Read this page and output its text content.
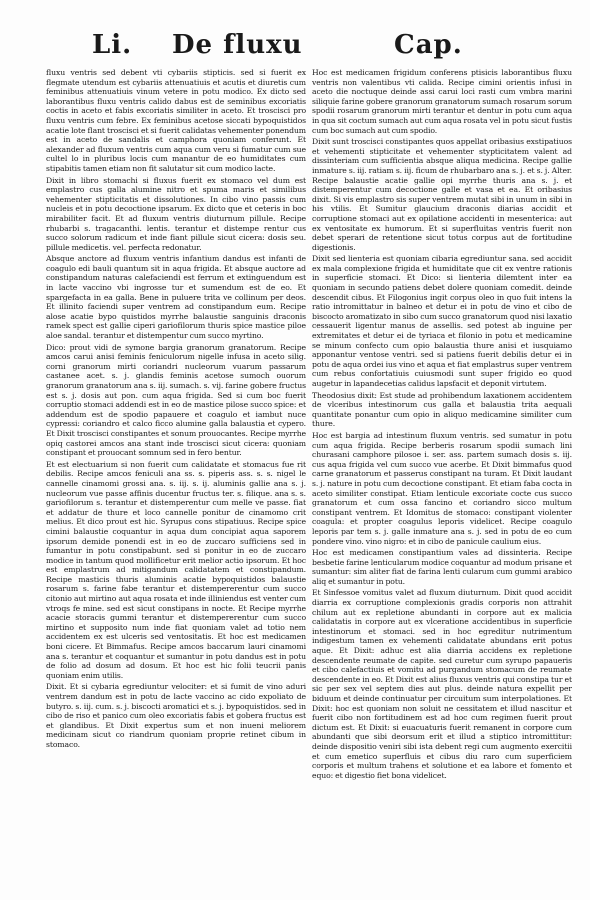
Li. De fluxu	Cap.
fluxu ventris sed debent vti cybariis stipticis. sed si fuerit ex flegmate utendum est cybariis attenuatiuis et acutis et diuretis cum feminibus attenuatiuis vinum vetere in potu modico. Ex dicto sed laborantibus fluxu ventris calido dabus est de seminibus excoriatis coctis in aceto et fabis excoriatis similiter in aceto. Et troscisci pro fluxu ventris cum febre. Ex feminibus acetose siccati bypoquistidos acatie lote flant troscisci et si fuerit calidatas vehementer ponendum est in aceto de sandalis et camphora quoniam conferunt. Et alexander ad fluxum ventris cum aqua cum veru si fumatur cum sue cultel lo in pluribus locis cum manantur de eo humiditates cum stipabitis tamen etiam non fit salutatur sit cum modico lacte.
Dixit in libro stomachi si fluxus fuerit ex stomaco vel dum est emplastro cus galla alumine nitro et spuma maris et similibus vehementer stipticitatis et dissolutiones. In cibo vino passis cum nucleis et in potu decoctione ipsarum. Ex dicto que et ceteris in boc mirabiliter facit. Et ad fluxum ventris diuturnum pillule. Recipe rhubarbi s. tragacanthi. lentis. terantur et distempe rentur cus succo solorum radicum et inde fiant pillule sicut cicera: dosis seu. pillule medicetis. vel. perfecta redonatur.
Absque anctore ad fluxum ventris infantium dandus est infanti de coagulo edi bauli quantum sit in aqua frigida. Et absque auctore ad constipandum naturas calefaciendi est ferrum et extinguendum est in lacte vaccino vbi ingrosse tur et sumendum est de eo. Et spargefacta in ea galla. Bene in puluere trita ve collinum per deos. Et illinito faciendi super ventrem ad constipandum eum. Recipe alose acatie bypo quistidos myrrhe balaustie sanguinis draconis ramek spect est gallie ciperi gariofilorum thuris spice mastice piloe aloe sandal. terantur et distempentur cum succo myrtino.
Dico: prout vidi de symone bargia granorum granatorum. Recipe amcos carui anisi feminis feniculorum nigelle infusa in aceto silig. corni granorum mirti coriandri nucleorum vuarum passarum castanee acet. s. j. glandis feminis acetose sumoch ouorum granorum granatorum ana s. iij. sumach. s. vij. farine gobere fructus est s. j. dosis aut pon. cum aqua frigida. Sed si cum boc fuerit corruptio stomaci addendi est in eo de mastice pilose succo spice: et addendum est de spodio papauere et coagulo et iambut nuce cypressi: coriandro et calco ficco alumine galla balaustia et cypero. Et Dixit troscisci constipantes et sonum prouocantes. Recipe myrrhe opiq castorei amcos ana stant inde troscisci sicut cicera: quoniam constipant et prouocant somnum sed in fero bentur.
Et est electuarium si non fuerit cum calidatate et stomacus fue rit debilis. Recipe amcos feniculi ana ss. s. piperis ass. s. s. nigel le cannelle cinamomi grossi ana. s. iij. s. ij. aluminis gallie ana s. j. nucleorum vue passe affinis ducentur fructus ter. s. filique. ana s. s. gariofilorum s. terantur et distemperentur cum melle ve passe. fiat et addatur de thure et loco cannelle ponitur de cinamomo crit melius. Et dico prout est hic. Syrupus cons stipatiuus. Recipe spice cimini balaustie coquantur in aqua dum concipiat aqua saporem ipsorum demide ponendi est in eo de zuccaro sufficiens sed in fumantur in potu constipabunt. sed si ponitur in eo de zuccaro modice in tantum quod mollificetur erit melior actio ipsorum. Et hoc est emplastrum ad mitigandum calidatatem et constipandum. Recipe masticis thuris aluminis acatie bypoquistidos balaustie rosarum s. farine fabe terantur et distempererentur cum succo citonio aut mirtino aut aqua rosata et inde illiniendus est venter cum vtroqs fe mine. sed est sicut constipans in nocte. Et Recipe myrrhe acacie storacis gummi terantur et distempererentur cum succo mirtino et supposito num inde fiat quoniam valet ad totio nem accidentem ex est ulceris sed ventositatis. Et hoc est medicamen boni cicere. Et Bimmafus. Recipe amcos baccarum lauri cinamomi ana s. terantur et coquantur et sumantur in potu dandus est in potu de folio ad dosum ad dosum. Et hoc est hic folii teucrii panis quoniam enim utilis.
Dixit. Et si cybaria egrediuntur velociter: et si fumit de vino aduri ventrem dandum est in potu de lacte vaccino ac cido expoliato de butyro. s. iij. cum. s. j. biscocti aromatici et s. j. bypoquistidos. sed in cibo de riso et panico cum oleo excoriatis fabis et gobera fructus est et glandibus. Et Dixit expertus sum et non inueni meliorem medicinam sicut co riandrum quoniam proprie retinet cibum in stomaco.
Hoc est medicamen frigidum conferens ptisicis laborantibus fluxu ventris non valentibus vti calida. Recipe cimini orientis infusi in aceto die noctuque deinde assi carui loci rasti cum vmbra marini siliquie farine gobere granorum granatorum sumach rosarum sorum spodii rosarum granorum mirti terantur et dentur in potu cum aqua in qua sit coctum sumach aut cum aqua rosata vel in potu sicut fustis cum boc sumach aut cum spodio.
Dixit sunt troscisci constipantes quos appellat oribasius exstipatiuos et vehementi stipticitate et vehementer stypticitatem valent ad dissinteriam cum sufficientia absque aliqua medicina. Recipe gallie inmature s. iij. ratiam s. iij. ficum de rhubarbaro ana s. j. et s. j. Alter. Recipe balaustie acatie gallie opi myrrhe thuris ana s. j. et distemperentur cum decoctione galle et vasa et ea. Et oribasius dixit. Si vis emplastro sis super ventrem mutat sibi in unum in sibi in his vtilis. Et Sumitur glaucium draconis diarias accidit et corruptione stomaci aut ex opilatione accidenti in mesenterica: aut ex ventositate ex humorum. Et si superfluitas ventris fuerit non debet sperari de retentione sicut totus corpus aut de fortitudine digestionis.
Dixit sed lienteria est quoniam cibaria egrediuntur sana. sed accidit ex mala complexione frigida et humiditate que cit ex ventre rationis in superficie stomaci. Et Dico: si lienteria dilemtent inter ea quoniam in secundo patiens debet dolere quoniam comedit. deinde descendit cibus. Et Filogonius ingit corpus oleo in quo fuit intens la ratio intromittatur in balneo et detur ei in potu de vino et cibo de biscocto aromatizato in sibo cum succo granatorum quod nisi laxatio cessauerit ligentur manus de assellis. sed potest ab inguine per extremitates et detur ei de tyriaca et filonio in potu et medicamine se minum confecto cum opio balaustia thure anisi et iusquiamo apponantur ventose ventri. sed si patiens fuerit debilis detur ei in potu de aqua ordei ius vino et aqua et fiat emplastrus super ventrem cum rebus confortatiuis cuiusmodi sunt super frigido eo quod augetur in lapandecetias calidus lapsfacit et deponit virtutem.
Theodosius dixit: Est stude ad prohibendum laxationem accidentem de vlceribus intestinorum cus galla et balaustia trita aequali quantitate ponantur cum opio in aliquo medicamine similiter cum thure.
Hoc est bargia ad intestinum fluxum ventris. sed sumatur in potu cum aqua frigida. Recipe berberis rosarum spodii sumach lini churasani camphore pilosoe i. ser. ass. partem sumach dosis s. iij. cus aqua frigida vel cum succo vue acerbe. Et Dixit bimmafus quod carne granatorum et passerus constipant na turam. Et Dixit laudant s. j. nature in potu cum decoctione constipant. Et etiam faba cocta in aceto similiter constipat. Etiam lenticule excoriate cocte cus succo granatorum et cum ossa fancino et coriandro sicco multum constipant ventrem. Et Idomitus de stomaco: constipant violenter coagula: et propter coagulus leporis videlicet. Recipe coagulo leporis par tem s. j. galle inmature ana s. j. sed in potu de eo cum pondere vino. vino nigro: et in cibo de panicule caulium eius.
Hoc est medicamen constipantium vales ad dissinteria. Recipe besbetie farine lenticularum modice coquantur ad modum prisane et sumantur: sim aliter fiat de farina lenti cularum cum gummi arabico aliq et sumantur in potu.
Et Sinfessoe vomitus valet ad fluxum diuturnum. Dixit quod accidit diarria ex corruptione complexionis gradis corporis non attrahit chilum aut ex repletione abundanti in corpore aut ex malicia calidatatis in corpore aut ex vlceratione accidentibus in superficie intestinorum et stomaci. sed in hoc egreditur nutrimentum indigestum tamen ex vehementi calidatate abundans erit potus aque. Et Dixit: adhuc est alia diarria accidens ex repletione descendente reumate de capite. sed curetur cum syrupo papaueris et cibo calefactiuis et vomitu ad purgandum stomacum de reumate descendente in eo. Et Dixit est alius fluxus ventris qui constipa tur et sic per sex vel septem dies aut plus. deinde natura expellit per biduum et deinde continuatur per circuitum sum interpolationes. Et Dixit: hoc est quoniam non soluit ne cessitatem et illud nascitur et fuerit cibo non fortitudinem est ad hoc cum regimen fuerit prout dictum est. Et Dixit: si euacuaturis fuerit remanent in corpore cum abundanti que sibi deorsum erit et illud a stiptico intromittitur: deinde dispositio veniri sibi ista debent regi cum augmento exercitii et cum emetico superfluis et cibus diu raro cum superficiem corporis et multum trahens et solutione et ea labore et fomento et equo: et digestio fiet bona videlicet.
